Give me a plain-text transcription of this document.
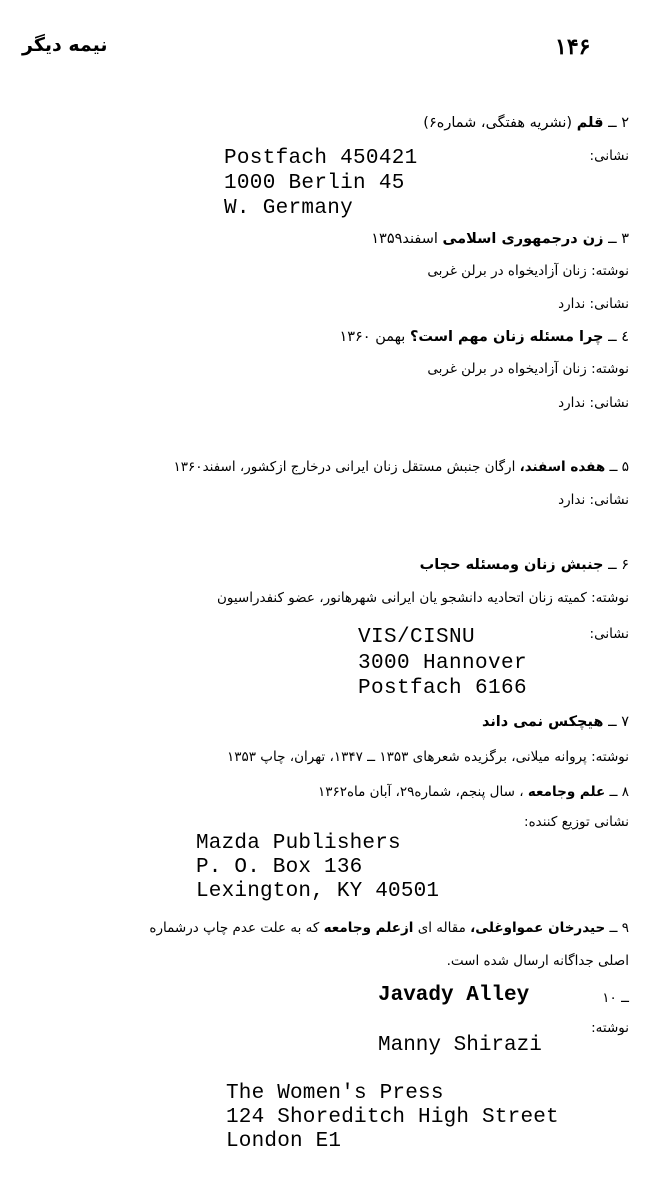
۱۴۶
نیمه دیگر
۲ ــ قلم (نشریه هفتگی، شماره۶)
نشانی:
Postfach 450421
1000 Berlin 45
W. Germany
۳ ــ زن درجمهوری اسلامی اسفند۱۳۵۹
نوشته: زنان آزادیخواه در برلن غربی
نشانی: ندارد
٤ ــ چرا مسئله زنان مهم است؟ بهمن ۱۳۶۰
نوشته: زنان آزادیخواه در برلن غربی
نشانی: ندارد
۵ ــ هفده اسفند، ارگان جنبش مستقل زنان ایرانی درخارج ازکشور، اسفند۱۳۶۰
نشانی: ندارد
۶ ــ جنبش زنان ومسئله حجاب
نوشته: کمیته زنان اتحادیه دانشجو یان ایرانی شهرهانور، عضو کنفدراسیون
نشانی:
VIS/CISNU
3000 Hannover
Postfach 6166
۷ ــ هیچکس نمی داند
نوشته: پروانه میلانی، برگزیده شعرهای ۱۳۵۳ ــ ۱۳۴۷، تهران، چاپ ۱۳۵۳
۸ ــ علم وجامعه ، سال پنجم، شماره۲۹، آبان ماه۱۳۶۲
نشانی توزیع کننده:
Mazda Publishers
P. O. Box 136
Lexington, KY 40501
۹ ــ حیدرخان عمواوغلی، مقاله ای ازعلم وجامعه که به علت عدم چاپ درشماره
اصلی جداگانه ارسال شده است.
ــ ۱۰
Javady Alley
نوشته:
Manny Shirazi
The Women's Press
124 Shoreditch High Street
London E1
